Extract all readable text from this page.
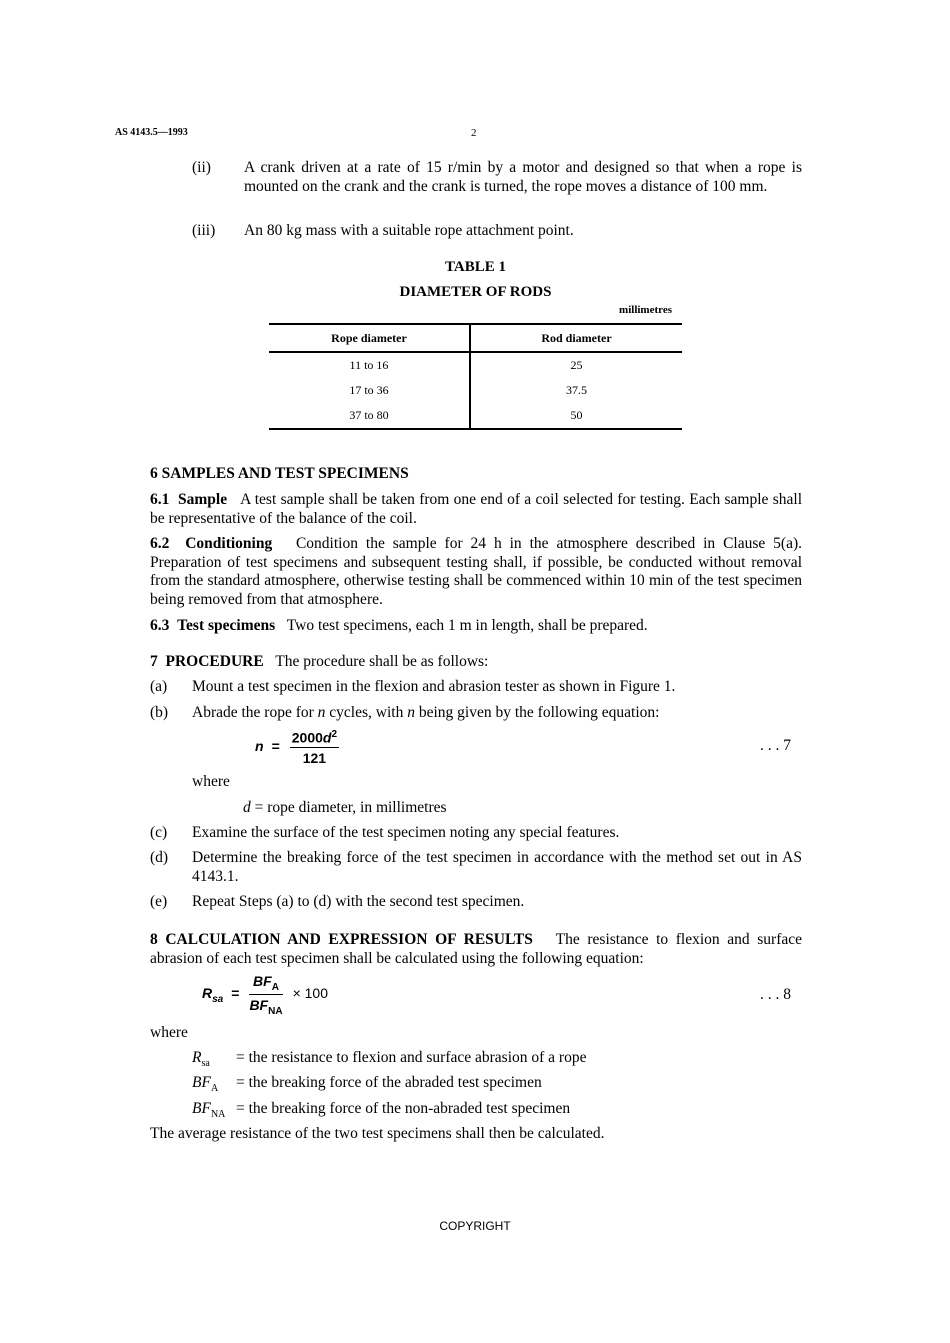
AS 4143.5—1993	2
(ii) A crank driven at a rate of 15 r/min by a motor and designed so that when a rope is mounted on the crank and the crank is turned, the rope moves a distance of 100 mm.
(iii) An 80 kg mass with a suitable rope attachment point.
TABLE 1
DIAMETER OF RODS
millimetres
Rope diameter	Rod diameter
11 to 16	25
17 to 36	37.5
37 to 80	50
6 SAMPLES AND TEST SPECIMENS
6.1 Sample A test sample shall be taken from one end of a coil selected for testing. Each sample shall be representative of the balance of the coil.
6.2 Conditioning Condition the sample for 24 h in the atmosphere described in Clause 5(a). Preparation of test specimens and subsequent testing shall, if possible, be conducted without removal from the standard atmosphere, otherwise testing shall be commenced within 10 min of the test specimen being removed from that atmosphere.
6.3 Test specimens Two test specimens, each 1 m in length, shall be prepared.
7 PROCEDURE The procedure shall be as follows:
(a) Mount a test specimen in the flexion and abrasion tester as shown in Figure 1.
(b) Abrade the rope for n cycles, with n being given by the following equation:
$n = \frac{2000d^2}{121}$	. . . 7
where
d = rope diameter, in millimetres
(c) Examine the surface of the test specimen noting any special features.
(d) Determine the breaking force of the test specimen in accordance with the method set out in AS 4143.1.
(e) Repeat Steps (a) to (d) with the second test specimen.
8 CALCULATION AND EXPRESSION OF RESULTS The resistance to flexion and surface abrasion of each test specimen shall be calculated using the following equation:
$R_{sa} = \frac{BF_A}{BF_{NA}} \times 100$	. . . 8
where
$R_{sa}$ = the resistance to flexion and surface abrasion of a rope
$BF_A$ = the breaking force of the abraded test specimen
$BF_{NA}$ = the breaking force of the non-abraded test specimen
The average resistance of the two test specimens shall then be calculated.
COPYRIGHT
